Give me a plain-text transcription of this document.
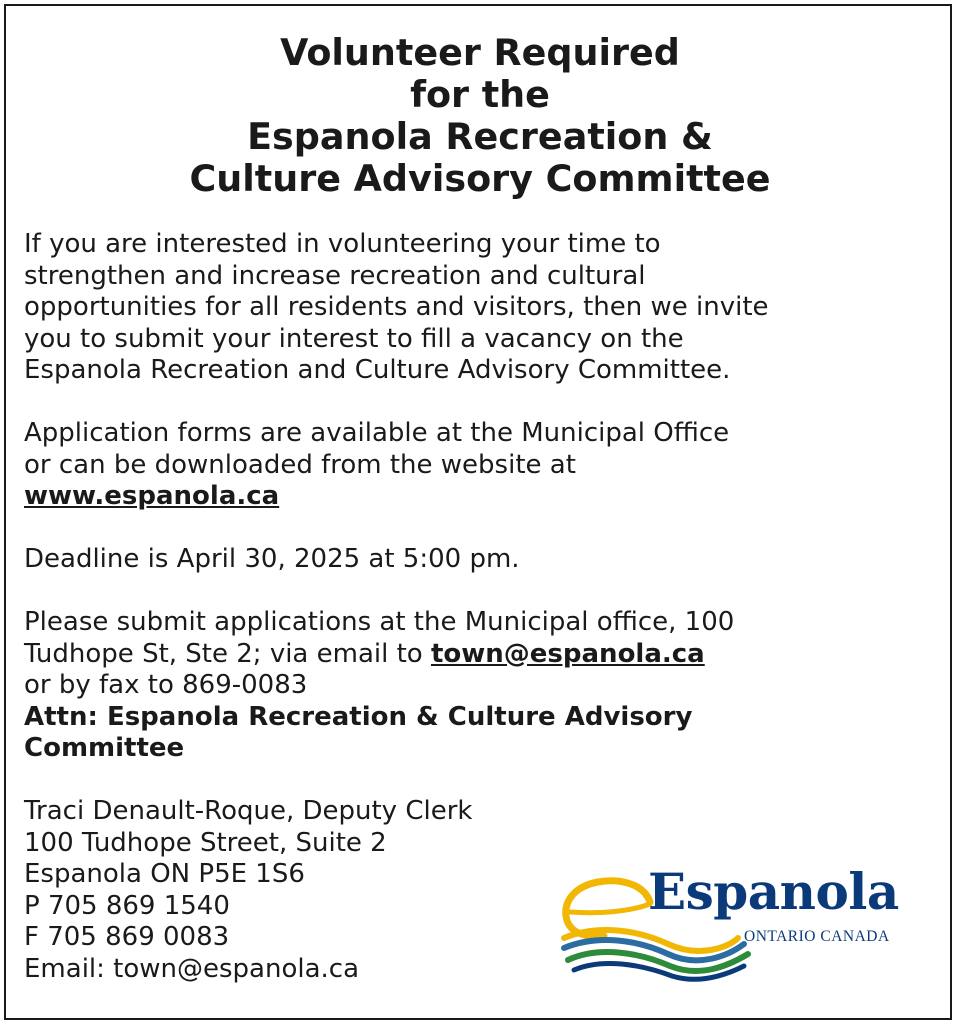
Volunteer Required
for the
Espanola Recreation &
Culture Advisory Committee

If you are interested in volunteering your time to
strengthen and increase recreation and cultural
opportunities for all residents and visitors, then we invite
you to submit your interest to fill a vacancy on the
Espanola Recreation and Culture Advisory Committee.

Application forms are available at the Municipal Office
or can be downloaded from the website at
www.espanola.ca

Deadline is April 30, 2025 at 5:00 pm.

Please submit applications at the Municipal office, 100
Tudhope St, Ste 2; via email to town@espanola.ca
or by fax to 869-0083
Attn: Espanola Recreation & Culture Advisory
Committee

Traci Denault-Roque, Deputy Clerk
100 Tudhope Street, Suite 2
Espanola ON P5E 1S6
P 705 869 1540
F 705 869 0083
Email: town@espanola.ca

Espanola
ONTARIO CANADA
